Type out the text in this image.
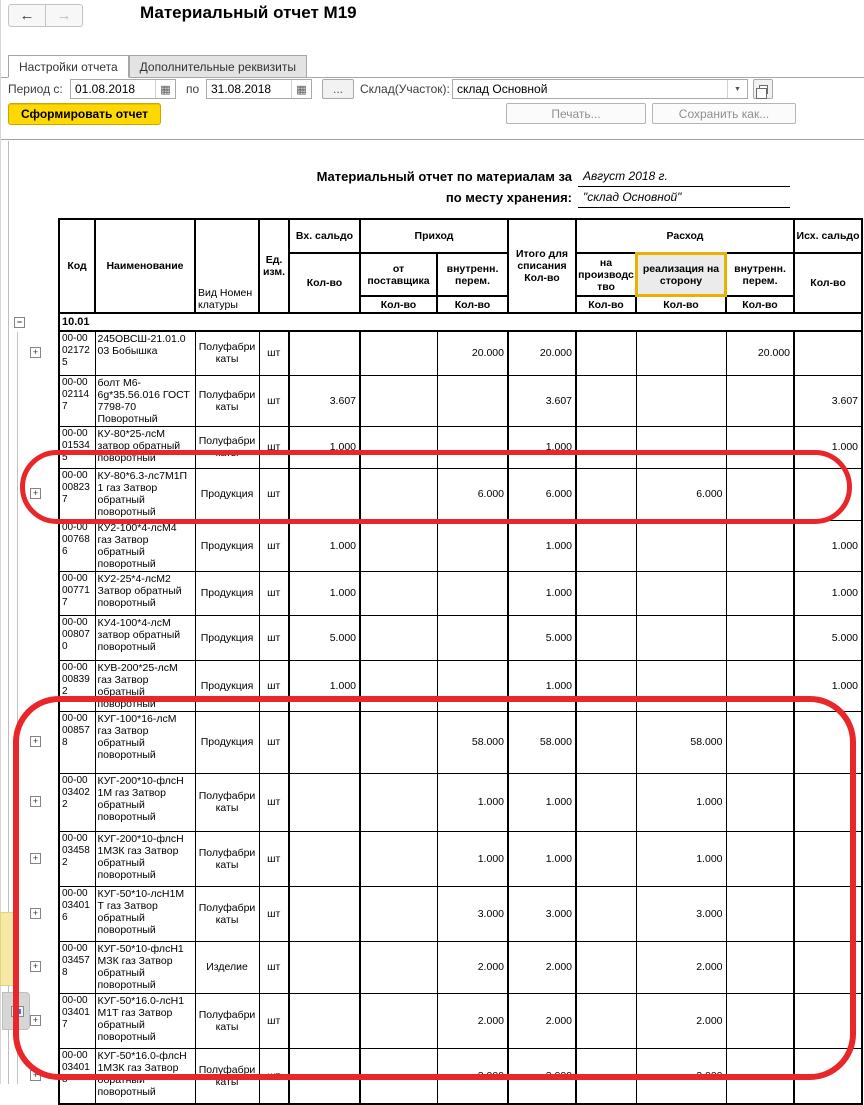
← →	Материальный отчет М19
Настройки отчета	Дополнительные реквизиты
Период с:	01.08.2018	▦	по 31.08.2018	▦	...	Склад(Участок): склад Основной	▼
Сформировать отчет	Печать...	Сохранить как...
Материальный отчет по материалам за Август 2018 г.
по месту хранения: "склад Основной"
Код	Наименование	Вид Номенклатуры	Ед. изм.	Вх. сальдо	Приход		Итого для списания Кол-во	Расход			Исх. сальдо
				Кол-во	от поставщика	внутренн. перем.		на производство	реализация на сторону	внутренн. перем.	Кол-во
					Кол-во	Кол-во		Кол-во	Кол-во	Кол-во	

− 10.01											

+
00-00 02172 5	245ОВСШ-21.01.0 03 Бобышка	Полуфабри каты	шт			20.000	20.000			20.000	
00-00 02114 7	болт М6-6g*35.56.016 ГОСТ 7798-70 Поворотный	Полуфабри каты	шт	3.607			3.607				3.607
00-00 01534 5	КУ-80*25-лсМ затвор обратный поворотный	Полуфабри каты	шт	1.000			1.000				1.000

+
00-00 00823 7	КУ-80*6.3-лс7М1П 1 газ Затвор обратный поворотный	Продукция	шт			6.000	6.000		6.000		
00-00 00768 6	КУ2-100*4-лсМ4 газ Затвор обратный поворотный	Продукция	шт	1.000			1.000				1.000
00-00 00771 7	КУ2-25*4-лсМ2 Затвор обратный поворотный	Продукция	шт	1.000			1.000				1.000
00-00 00807 0	КУ4-100*4-лсМ затвор обратный поворотный	Продукция	шт	5.000			5.000				5.000
00-00 00839 2	КУВ-200*25-лсМ газ Затвор обратный поворотный	Продукция	шт	1.000			1.000				1.000

+
00-00 00857 8	КУГ-100*16-лсМ газ Затвор обратный поворотный	Продукция	шт			58.000	58.000		58.000		

+
00-00 03402 2	КУГ-200*10-флсН 1М газ Затвор обратный поворотный	Полуфабри каты	шт			1.000	1.000		1.000		

+
00-00 03458 2	КУГ-200*10-флсН 1МЗК газ Затвор обратный поворотный	Полуфабри каты	шт			1.000	1.000		1.000		

+
00-00 03401 6	КУГ-50*10-лсН1М Т газ Затвор обратный поворотный	Полуфабри каты	шт			3.000	3.000		3.000		

+
00-00 03457 8	КУГ-50*10-флсН1 МЗК газ Затвор обратный поворотный	Изделие	шт			2.000	2.000		2.000		

+
00-00 03401 7	КУГ-50*16.0-лсН1 М1Т газ Затвор обратный поворотный	Полуфабри каты	шт			2.000	2.000		2.000		

+
00-00 03401 8	КУГ-50*16.0-флсН 1МЗК газ Затвор обратный поворотный	Полуфабри каты	шт			3.000	3.000		3.000		
